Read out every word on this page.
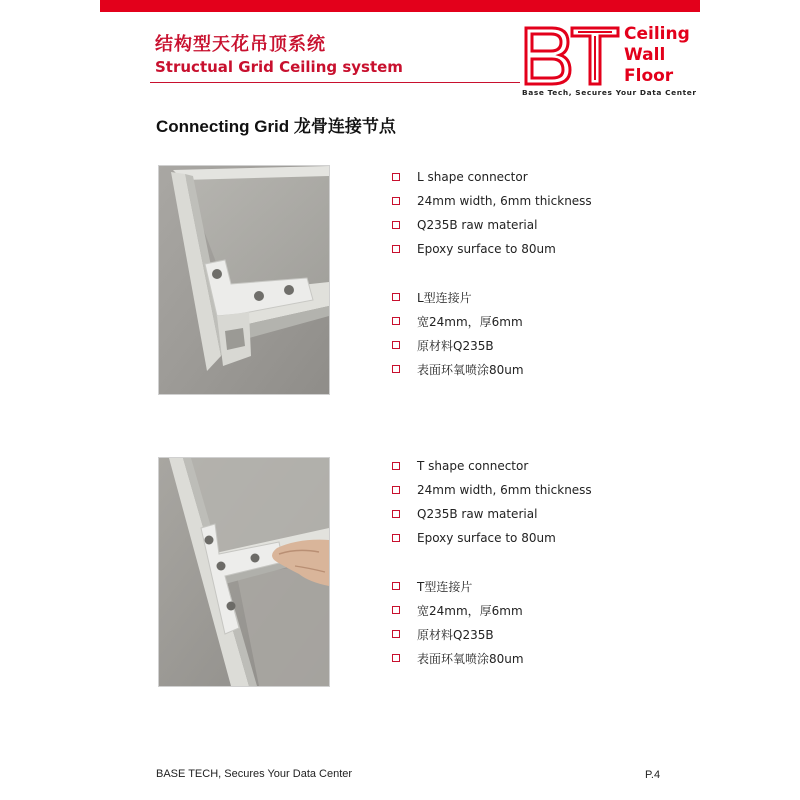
结构型天花吊顶系统
Structual Grid Ceiling system
Ceiling
Wall
Floor
Base Tech, Secures Your Data Center
Connecting Grid 龙骨连接节点
L shape connector
24mm width, 6mm thickness
Q235B raw material
Epoxy surface to 80um
L型连接片
宽24mm，厚6mm
原材料Q235B
表面环氧喷涂80um
T shape connector
24mm width, 6mm thickness
Q235B raw material
Epoxy surface to 80um
T型连接片
宽24mm，厚6mm
原材料Q235B
表面环氧喷涂80um
BASE TECH, Secures Your Data Center	P.4
